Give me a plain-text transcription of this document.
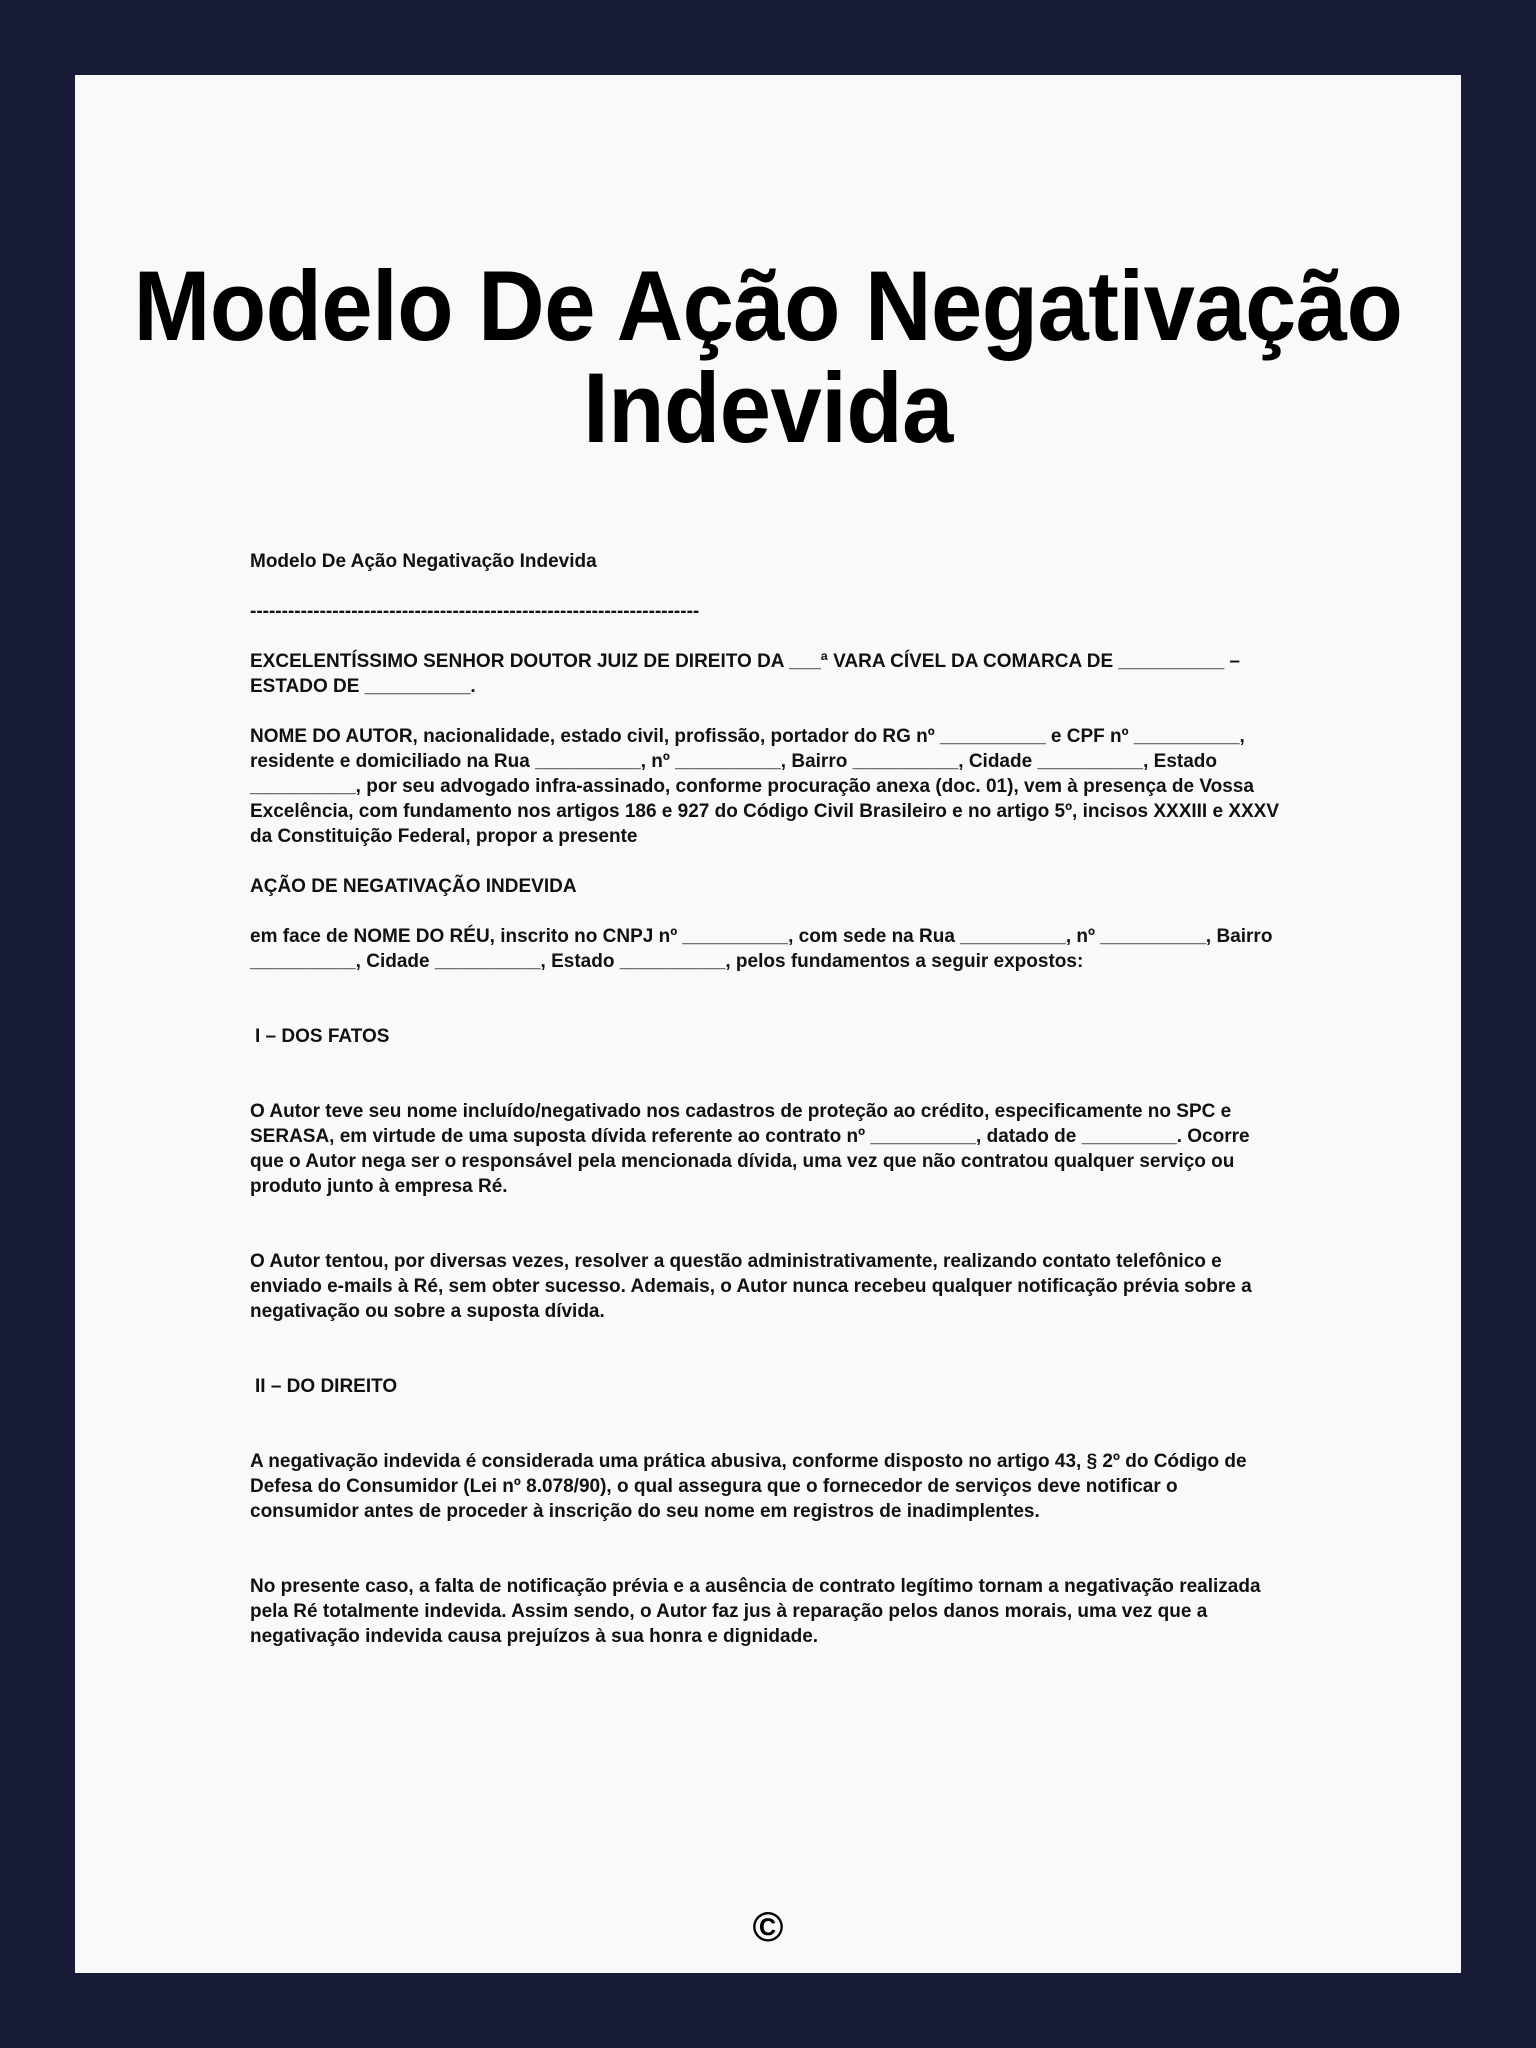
Modelo De Ação Negativação Indevida

Modelo De Ação Negativação Indevida

-----------------------------------------------------------------------

EXCELENTÍSSIMO SENHOR DOUTOR JUIZ DE DIREITO DA ___ª VARA CÍVEL DA COMARCA DE __________ – ESTADO DE __________.

NOME DO AUTOR, nacionalidade, estado civil, profissão, portador do RG nº __________ e CPF nº __________, residente e domiciliado na Rua __________, nº __________, Bairro __________, Cidade __________, Estado __________, por seu advogado infra-assinado, conforme procuração anexa (doc. 01), vem à presença de Vossa Excelência, com fundamento nos artigos 186 e 927 do Código Civil Brasileiro e no artigo 5º, incisos XXXIII e XXXV da Constituição Federal, propor a presente

AÇÃO DE NEGATIVAÇÃO INDEVIDA

em face de NOME DO RÉU, inscrito no CNPJ nº __________, com sede na Rua __________, nº __________, Bairro __________, Cidade __________, Estado __________, pelos fundamentos a seguir expostos:

I – DOS FATOS

O Autor teve seu nome incluído/negativado nos cadastros de proteção ao crédito, especificamente no SPC e SERASA, em virtude de uma suposta dívida referente ao contrato nº __________, datado de _________. Ocorre que o Autor nega ser o responsável pela mencionada dívida, uma vez que não contratou qualquer serviço ou produto junto à empresa Ré.

O Autor tentou, por diversas vezes, resolver a questão administrativamente, realizando contato telefônico e enviado e-mails à Ré, sem obter sucesso. Ademais, o Autor nunca recebeu qualquer notificação prévia sobre a negativação ou sobre a suposta dívida.

II – DO DIREITO

A negativação indevida é considerada uma prática abusiva, conforme disposto no artigo 43, § 2º do Código de Defesa do Consumidor (Lei nº 8.078/90), o qual assegura que o fornecedor de serviços deve notificar o consumidor antes de proceder à inscrição do seu nome em registros de inadimplentes.

No presente caso, a falta de notificação prévia e a ausência de contrato legítimo tornam a negativação realizada pela Ré totalmente indevida. Assim sendo, o Autor faz jus à reparação pelos danos morais, uma vez que a negativação indevida causa prejuízos à sua honra e dignidade.

©
